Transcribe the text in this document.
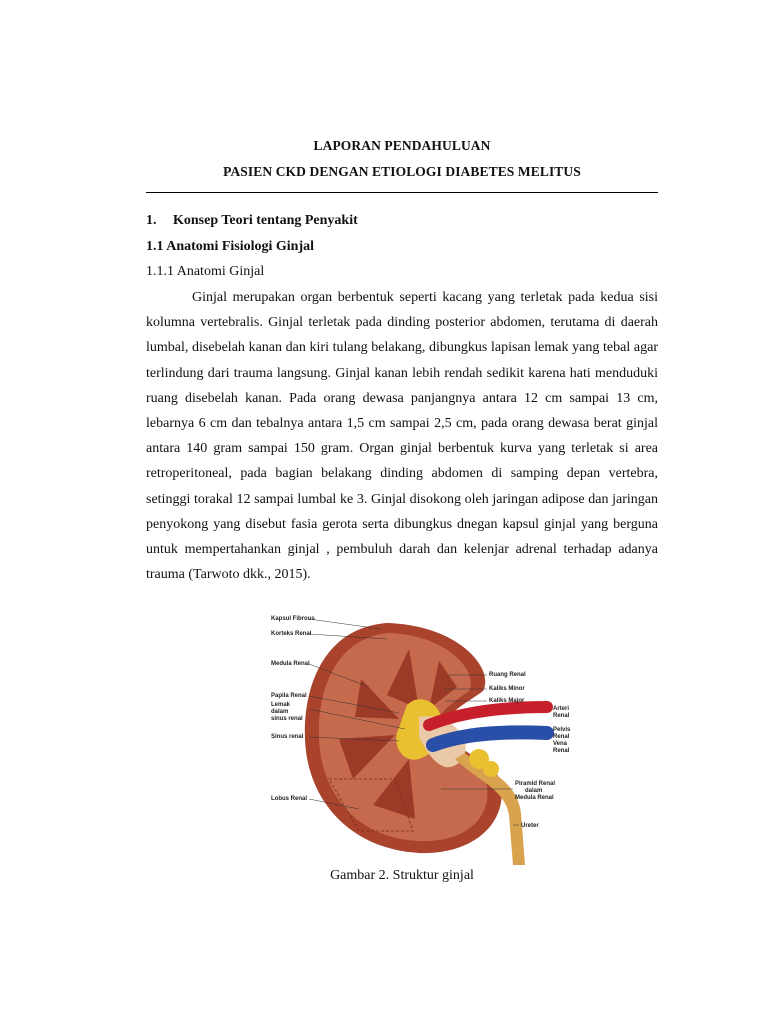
LAPORAN PENDAHULUAN
PASIEN CKD DENGAN ETIOLOGI DIABETES MELITUS
1. Konsep Teori tentang Penyakit
1.1 Anatomi Fisiologi Ginjal
1.1.1 Anatomi Ginjal

Ginjal merupakan organ berbentuk seperti kacang yang terletak pada kedua sisi kolumna vertebralis. Ginjal terletak pada dinding posterior abdomen, terutama di daerah lumbal, disebelah kanan dan kiri tulang belakang, dibungkus lapisan lemak yang tebal agar terlindung dari trauma langsung. Ginjal kanan lebih rendah sedikit karena hati menduduki ruang disebelah kanan. Pada orang dewasa panjangnya antara 12 cm sampai 13 cm, lebarnya 6 cm dan tebalnya antara 1,5 cm sampai 2,5 cm, pada orang dewasa berat ginjal antara 140 gram sampai 150 gram. Organ ginjal berbentuk kurva yang terletak si area retroperitoneal, pada bagian belakang dinding abdomen di samping depan vertebra, setinggi torakal 12 sampai lumbal ke 3. Ginjal disokong oleh jaringan adipose dan jaringan penyokong yang disebut fasia gerota serta dibungkus dnegan kapsul ginjal yang berguna untuk mempertahankan ginjal , pembuluh darah dan kelenjar adrenal terhadap adanya trauma (Tarwoto dkk., 2015).

Kapsul Fibrous
Korteks Renal
Medula Renal
Papila Renal
Lemak
dalam
sinus renal
Sinus renal
Lobus Renal
Ruang Renal
Kaliks Minor
Kaliks Major
Arteri
Renal
Pelvis
Renal
Vena
Renal
Piramid Renal
dalam
Medula Renal
Ureter
Gambar 2. Struktur ginjal
